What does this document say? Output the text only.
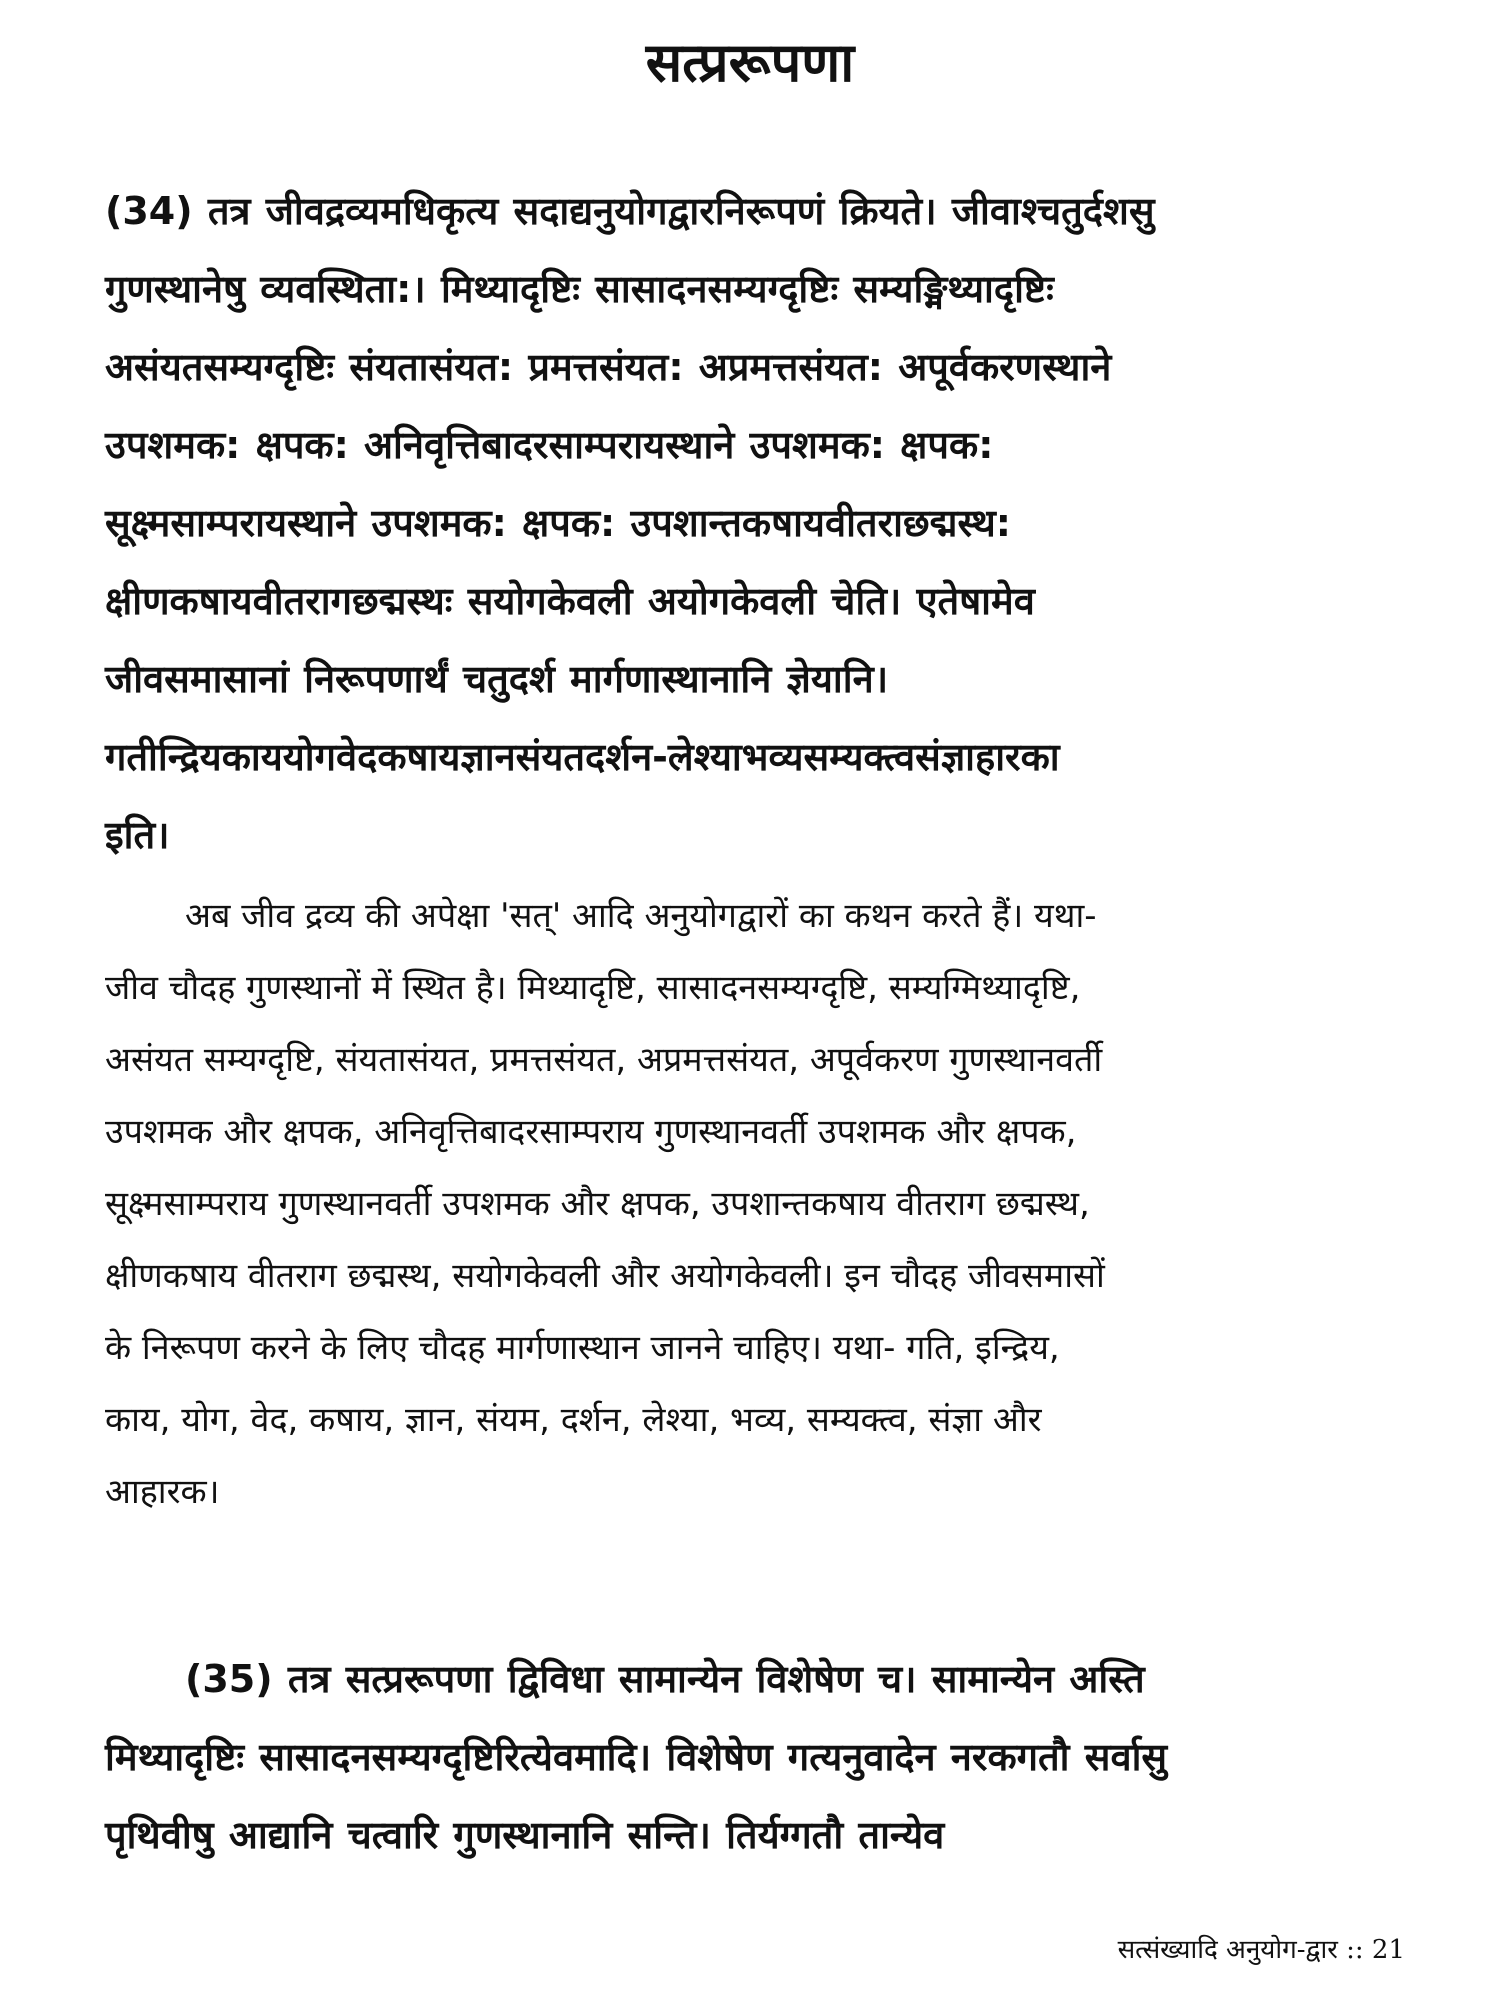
सत्प्ररूपणा
(34) तत्र जीवद्रव्यमधिकृत्य सदाद्यनुयोगद्वारनिरूपणं क्रियते। जीवाश्चतुर्दशसु
गुणस्थानेषु व्यवस्थिता:। मिथ्यादृष्टिः सासादनसम्यग्दृष्टिः सम्यङ्मिथ्यादृष्टिः
असंयतसम्यग्दृष्टिः संयतासंयत: प्रमत्तसंयत: अप्रमत्तसंयत: अपूर्वकरणस्थाने
उपशमक: क्षपक: अनिवृत्तिबादरसाम्परायस्थाने उपशमक: क्षपक:
सूक्ष्मसाम्परायस्थाने उपशमक: क्षपक: उपशान्तकषायवीतराछद्मस्थ:
क्षीणकषायवीतरागछद्मस्थः सयोगकेवली अयोगकेवली चेति। एतेषामेव
जीवसमासानां निरूपणार्थं चतुदर्श मार्गणास्थानानि ज्ञेयानि।
गतीन्द्रियकाययोगवेदकषायज्ञानसंयतदर्शन-लेश्याभव्यसम्यक्त्वसंज्ञाहारका
इति।
अब जीव द्रव्य की अपेक्षा 'सत्' आदि अनुयोगद्वारों का कथन करते हैं। यथा-
जीव चौदह गुणस्थानों में स्थित है। मिथ्यादृष्टि, सासादनसम्यग्दृष्टि, सम्यग्मिथ्यादृष्टि,
असंयत सम्यग्दृष्टि, संयतासंयत, प्रमत्तसंयत, अप्रमत्तसंयत, अपूर्वकरण गुणस्थानवर्ती
उपशमक और क्षपक, अनिवृत्तिबादरसाम्पराय गुणस्थानवर्ती उपशमक और क्षपक,
सूक्ष्मसाम्पराय गुणस्थानवर्ती उपशमक और क्षपक, उपशान्तकषाय वीतराग छद्मस्थ,
क्षीणकषाय वीतराग छद्मस्थ, सयोगकेवली और अयोगकेवली। इन चौदह जीवसमासों
के निरूपण करने के लिए चौदह मार्गणास्थान जानने चाहिए। यथा- गति, इन्द्रिय,
काय, योग, वेद, कषाय, ज्ञान, संयम, दर्शन, लेश्या, भव्य, सम्यक्त्व, संज्ञा और
आहारक।
(35) तत्र सत्प्ररूपणा द्विविधा सामान्येन विशेषेण च। सामान्येन अस्ति
मिथ्यादृष्टिः सासादनसम्यग्दृष्टिरित्येवमादि। विशेषेण गत्यनुवादेन नरकगतौ सर्वासु
पृथिवीषु आद्यानि चत्वारि गुणस्थानानि सन्ति। तिर्यग्गतौ तान्येव
सत्संख्यादि अनुयोग-द्वार :: 21
